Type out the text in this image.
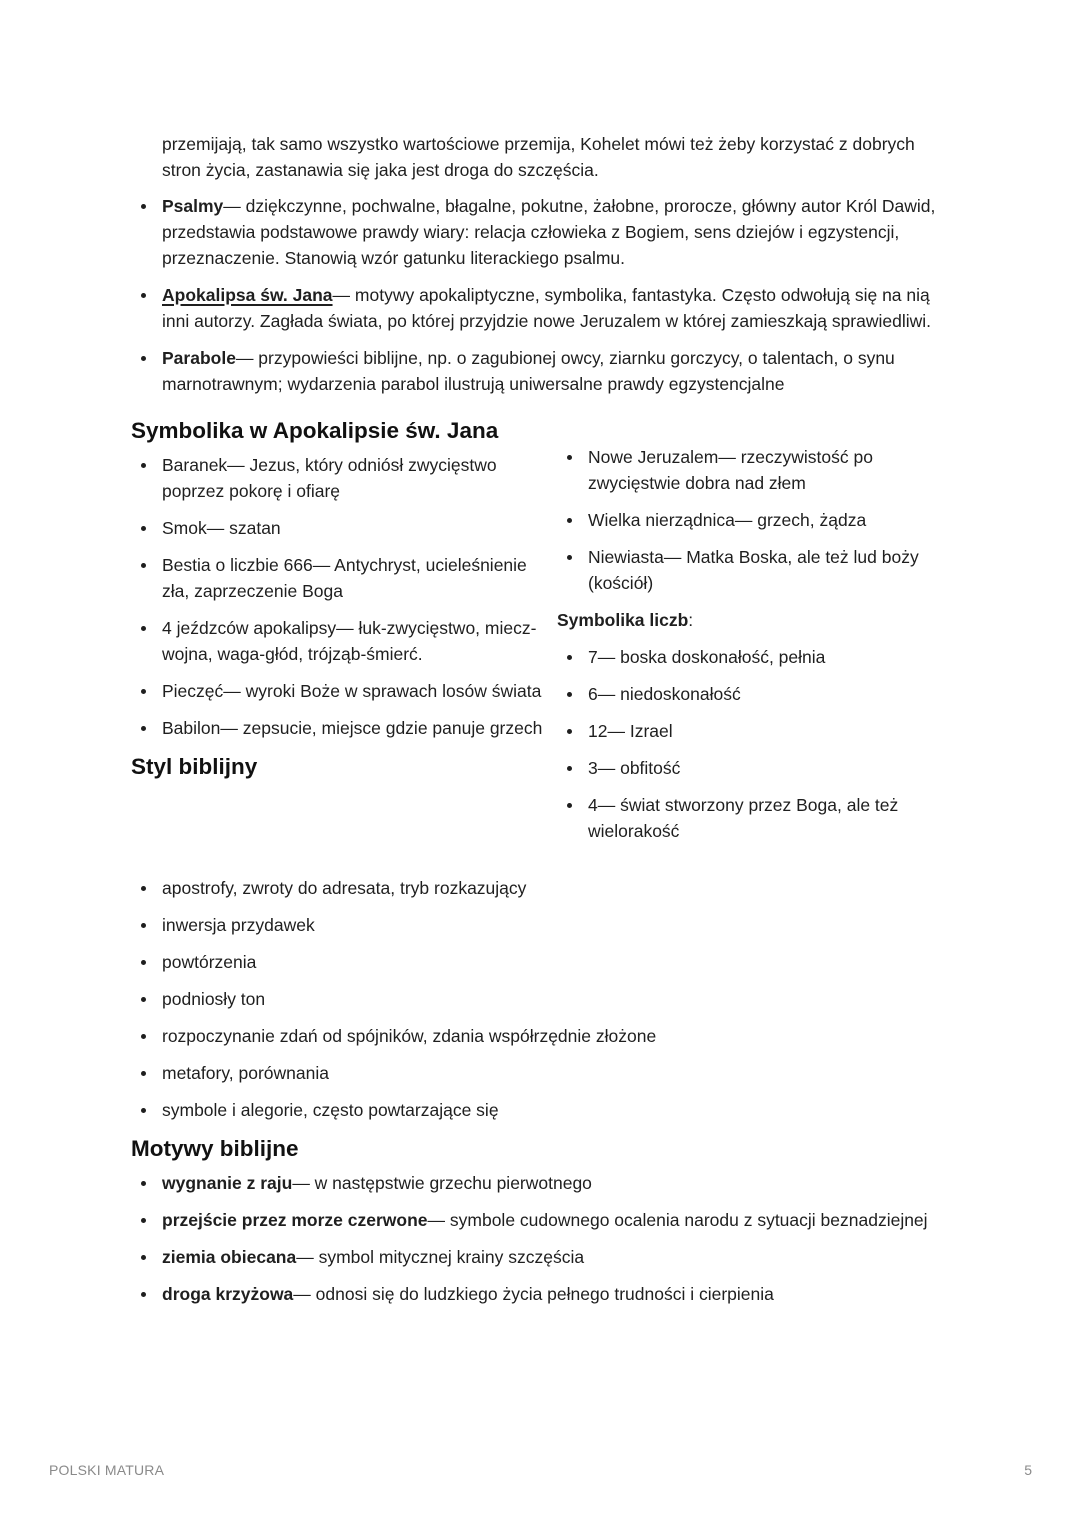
przemijają, tak samo wszystko wartościowe przemija, Kohelet mówi też żeby korzystać z dobrych stron życia, zastanawia się jaka jest droga do szczęścia.

Psalmy— dziękczynne, pochwalne, błagalne, pokutne, żałobne, prorocze, główny autor Król Dawid, przedstawia podstawowe prawdy wiary: relacja człowieka z Bogiem, sens dziejów i egzystencji, przeznaczenie. Stanowią wzór gatunku literackiego psalmu.
Apokalipsa św. Jana— motywy apokaliptyczne, symbolika, fantastyka. Często odwołują się na nią inni autorzy. Zagłada świata, po której przyjdzie nowe Jeruzalem w której zamieszkają sprawiedliwi.
Parabole— przypowieści biblijne, np. o zagubionej owcy, ziarnku gorczycy, o talentach, o synu marnotrawnym; wydarzenia parabol ilustrują uniwersalne prawdy egzystencjalne
Symbolika w Apokalipsie św. Jana
Baranek— Jezus, który odniósł zwycięstwo poprzez pokorę i ofiarę
Smok— szatan
Bestia o liczbie 666— Antychryst, ucieleśnienie zła, zaprzeczenie Boga
4 jeźdzców apokalipsy— łuk-zwycięstwo, miecz-wojna, waga-głód, trójząb-śmierć.
Pieczęć— wyroki Boże w sprawach losów świata
Babilon— zepsucie, miejsce gdzie panuje grzech
Styl biblijny
Nowe Jeruzalem— rzeczywistość po zwycięstwie dobra nad złem
Wielka nierządnica— grzech, żądza
Niewiasta— Matka Boska, ale też lud boży (kościół)

Symbolika liczb:

7— boska doskonałość, pełnia
6— niedoskonałość
12— Izrael
3— obfitość
4— świat stworzony przez Boga, ale też wielorakość
apostrofy, zwroty do adresata, tryb rozkazujący
inwersja przydawek
powtórzenia
podniosły ton
rozpoczynanie zdań od spójników, zdania współrzędnie złożone
metafory, porównania
symbole i alegorie, często powtarzające się
Motywy biblijne
wygnanie z raju— w następstwie grzechu pierwotnego
przejście przez morze czerwone— symbole cudownego ocalenia narodu z sytuacji beznadziejnej
ziemia obiecana— symbol mitycznej krainy szczęścia
droga krzyżowa— odnosi się do ludzkiego życia pełnego trudności i cierpienia
POLSKI MATURA	5
